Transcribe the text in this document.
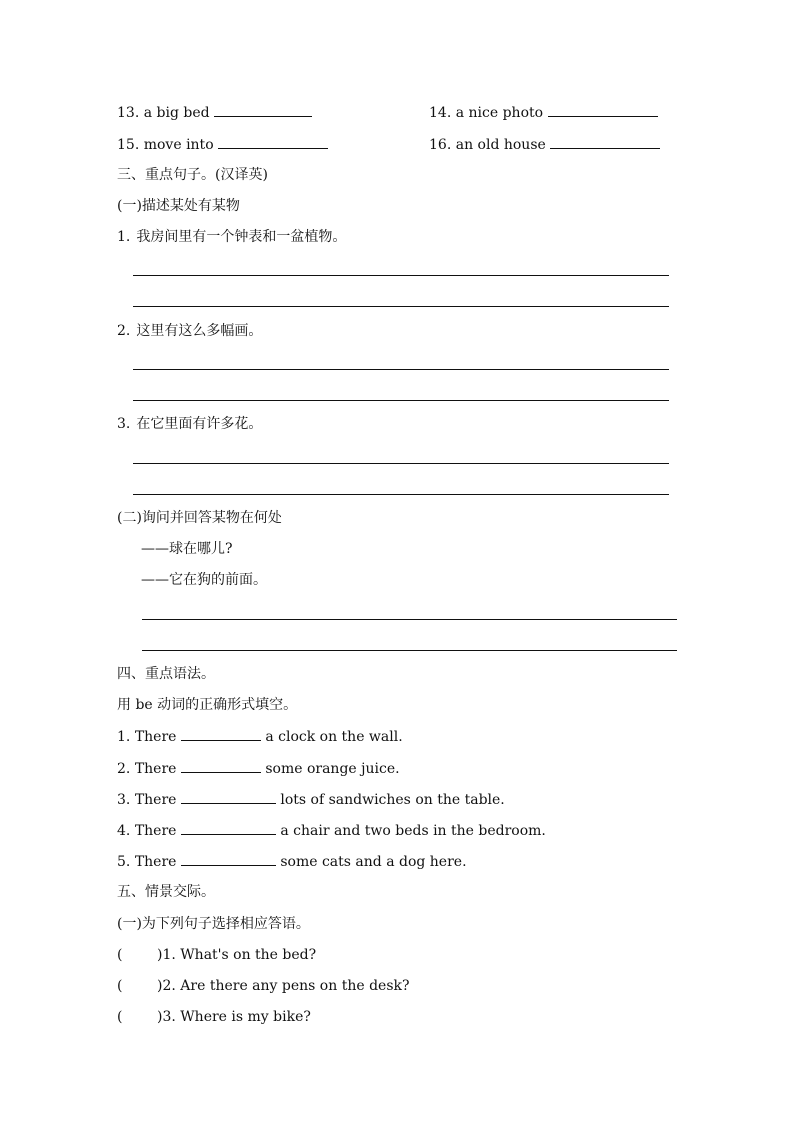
13. a big bed	14. a nice photo
15. move into	16. an old house
三、重点句子。(汉译英)
(一)描述某处有某物
1. 我房间里有一个钟表和一盆植物。
2. 这里有这么多幅画。
3. 在它里面有许多花。
(二)询问并回答某物在何处
——球在哪儿?
——它在狗的前面。
四、重点语法。
用 be 动词的正确形式填空。
1. There	a clock on the wall.
2. There	some orange juice.
3. There	lots of sandwiches on the table.
4. There	a chair and two beds in the bedroom.
5. There	some cats and a dog here.
五、情景交际。
(一)为下列句子选择相应答语。
( )1. What's on the bed?
( )2. Are there any pens on the desk?
( )3. Where is my bike?
